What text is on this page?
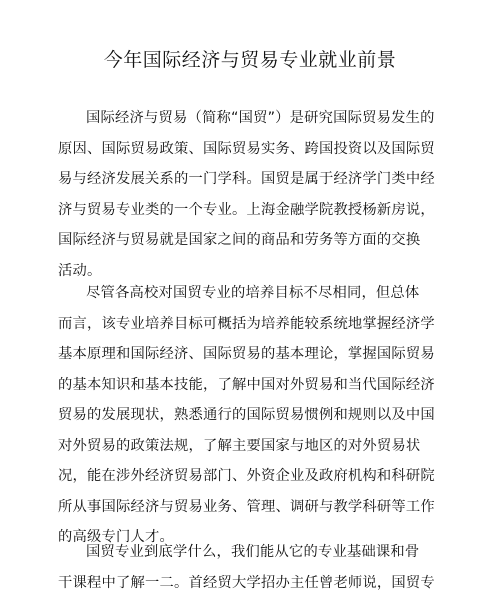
今年国际经济与贸易专业就业前景
国际经济与贸易（简称“国贸”）是研究国际贸易发生的
原因、国际贸易政策、国际贸易实务、跨国投资以及国际贸
易与经济发展关系的一门学科。国贸是属于经济学门类中经
济与贸易专业类的一个专业。上海金融学院教授杨新房说，
国际经济与贸易就是国家之间的商品和劳务等方面的交换
活动。
尽管各高校对国贸专业的培养目标不尽相同，但总体
而言，该专业培养目标可概括为培养能较系统地掌握经济学
基本原理和国际经济、国际贸易的基本理论，掌握国际贸易
的基本知识和基本技能，了解中国对外贸易和当代国际经济
贸易的发展现状，熟悉通行的国际贸易惯例和规则以及中国
对外贸易的政策法规，了解主要国家与地区的对外贸易状
况，能在涉外经济贸易部门、外资企业及政府机构和科研院
所从事国际经济与贸易业务、管理、调研与教学科研等工作
的高级专门人才。
国贸专业到底学什么，我们能从它的专业基础课和骨
干课程中了解一二。首经贸大学招办主任曾老师说，国贸专
